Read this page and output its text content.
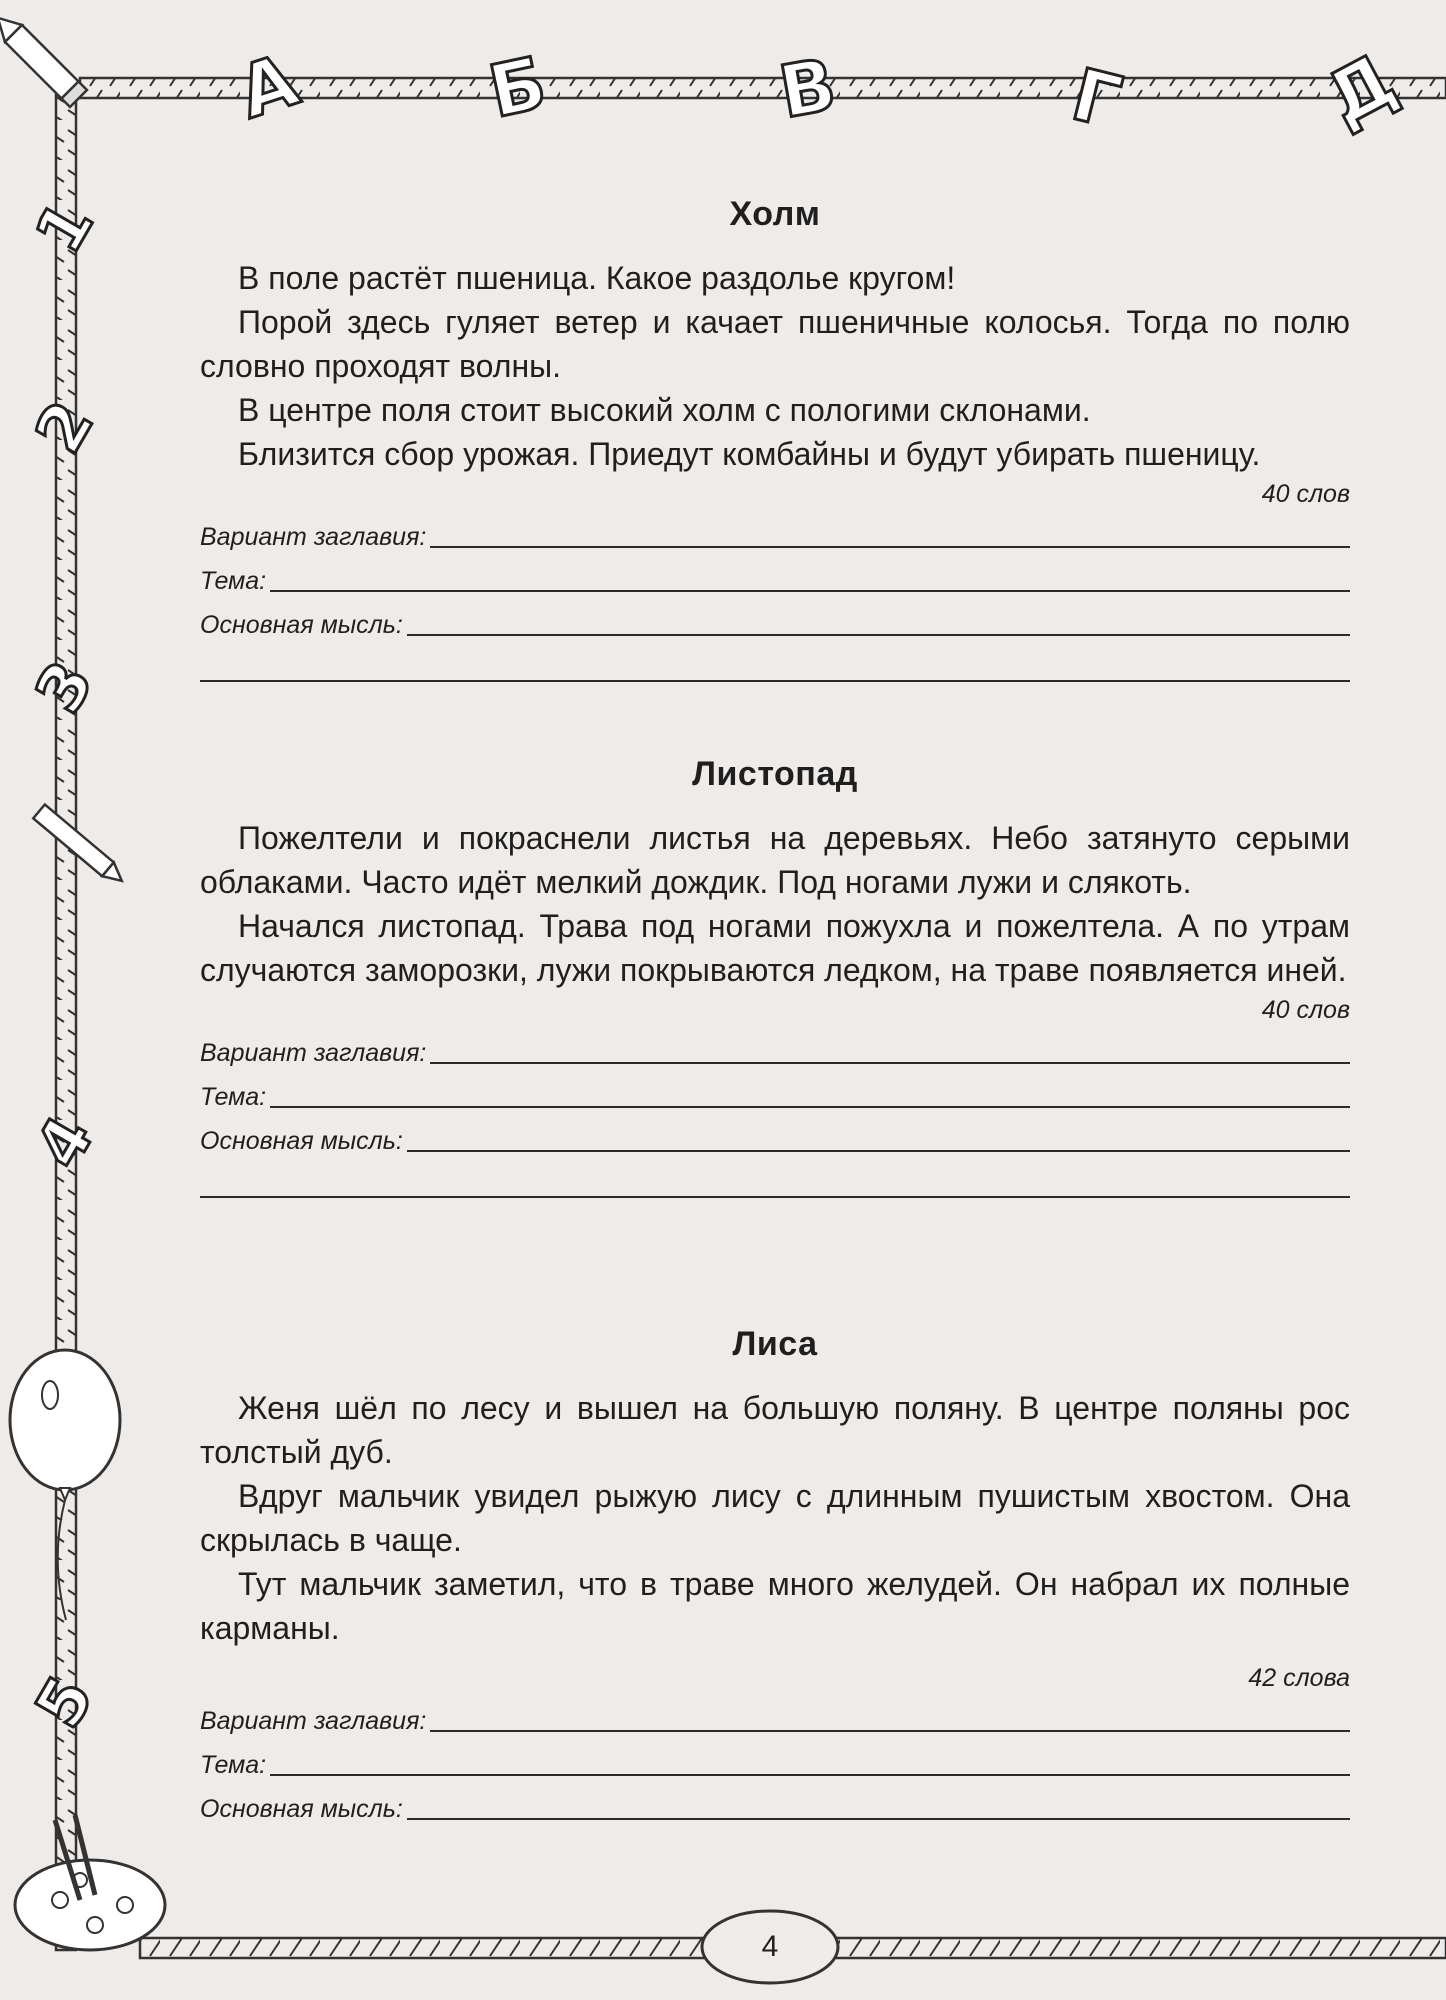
А Б	В	Г	Д
1
2
3
4
5
Холм

В поле растёт пшеница. Какое раздолье кругом!

Порой здесь гуляет ветер и качает пшеничные колосья. Тогда по полю словно проходят волны.

В центре поля стоит высокий холм с пологими склонами.

Близится сбор урожая. Приедут комбайны и будут убирать пшеницу.

40 слов

Вариант заглавия:
Тема:
Основная мысль:
Листопад

Пожелтели и покраснели листья на деревьях. Небо затянуто серыми облаками. Часто идёт мелкий дождик. Под ногами лужи и слякоть.

Начался листопад. Трава под ногами пожухла и пожелтела. А по утрам случаются заморозки, лужи покрываются ледком, на траве появляется иней.

40 слов

Вариант заглавия:
Тема:
Основная мысль:
Лиса

Женя шёл по лесу и вышел на большую поляну. В центре поляны рос толстый дуб.

Вдруг мальчик увидел рыжую лису с длинным пушистым хвостом. Она скрылась в чаще.

Тут мальчик заметил, что в траве много желудей. Он набрал их полные карманы.

42 слова

Вариант заглавия:
Тема:
Основная мысль:
4
